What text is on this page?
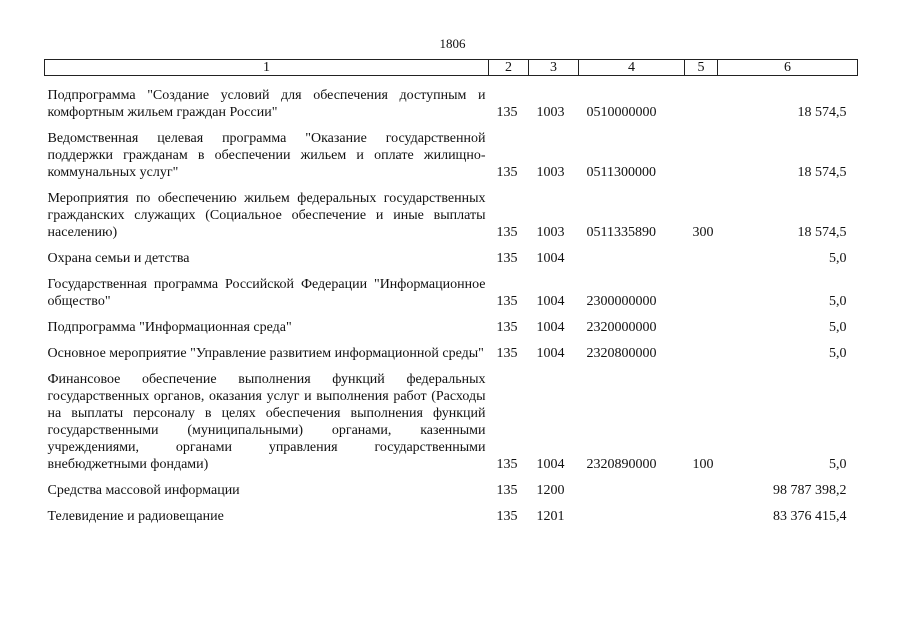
1806
1	2	3	4	5	6
Подпрограмма "Создание условий для обеспечения доступным и комфортным жильем граждан России"	135	1003	0510000000		18 574,5
Ведомственная целевая программа "Оказание государственной поддержки гражданам в обеспечении жильем и оплате жилищно-коммунальных услуг"	135	1003	0511300000		18 574,5
Мероприятия по обеспечению жильем федеральных государственных гражданских служащих (Социальное обеспечение и иные выплаты населению)	135	1003	0511335890	300	18 574,5
Охрана семьи и детства	135	1004			5,0
Государственная программа Российской Федерации "Информационное общество"	135	1004	2300000000		5,0
Подпрограмма "Информационная среда"	135	1004	2320000000		5,0
Основное мероприятие "Управление развитием информационной среды"	135	1004	2320800000		5,0
Финансовое обеспечение выполнения функций федеральных государственных органов, оказания услуг и выполнения работ (Расходы на выплаты персоналу в целях обеспечения выполнения функций государственными (муниципальными) органами, казенными учреждениями, органами управления государственными внебюджетными фондами)	135	1004	2320890000	100	5,0
Средства массовой информации	135	1200			98 787 398,2
Телевидение и радиовещание	135	1201			83 376 415,4
